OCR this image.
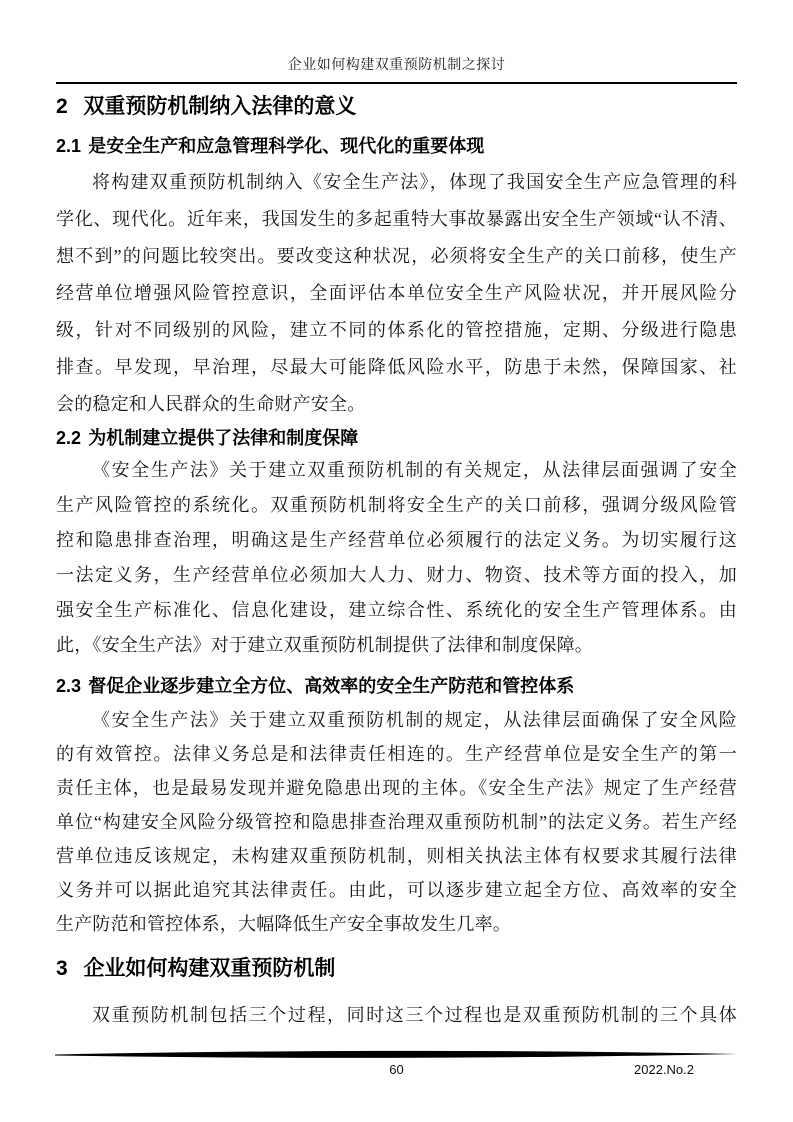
企业如何构建双重预防机制之探讨
2 双重预防机制纳入法律的意义
2.1 是安全生产和应急管理科学化、现代化的重要体现
将构建双重预防机制纳入《安全生产法》，体现了我国安全生产应急管理的科
学化、现代化。近年来，我国发生的多起重特大事故暴露出安全生产领域“认不清、
想不到”的问题比较突出。要改变这种状况，必须将安全生产的关口前移，使生产
经营单位增强风险管控意识，全面评估本单位安全生产风险状况，并开展风险分
级，针对不同级别的风险，建立不同的体系化的管控措施，定期、分级进行隐患
排查。早发现，早治理，尽最大可能降低风险水平，防患于未然，保障国家、社
会的稳定和人民群众的生命财产安全。
2.2 为机制建立提供了法律和制度保障
《安全生产法》关于建立双重预防机制的有关规定，从法律层面强调了安全
生产风险管控的系统化。双重预防机制将安全生产的关口前移，强调分级风险管
控和隐患排查治理，明确这是生产经营单位必须履行的法定义务。为切实履行这
一法定义务，生产经营单位必须加大人力、财力、物资、技术等方面的投入，加
强安全生产标准化、信息化建设，建立综合性、系统化的安全生产管理体系。由
此，《安全生产法》对于建立双重预防机制提供了法律和制度保障。
2.3 督促企业逐步建立全方位、高效率的安全生产防范和管控体系
《安全生产法》关于建立双重预防机制的规定，从法律层面确保了安全风险
的有效管控。法律义务总是和法律责任相连的。生产经营单位是安全生产的第一
责任主体，也是最易发现并避免隐患出现的主体。《安全生产法》规定了生产经营
单位“构建安全风险分级管控和隐患排查治理双重预防机制”的法定义务。若生产经
营单位违反该规定，未构建双重预防机制，则相关执法主体有权要求其履行法律
义务并可以据此追究其法律责任。由此，可以逐步建立起全方位、高效率的安全
生产防范和管控体系，大幅降低生产安全事故发生几率。
3 企业如何构建双重预防机制
双重预防机制包括三个过程，同时这三个过程也是双重预防机制的三个具体
60	2022.No.2
